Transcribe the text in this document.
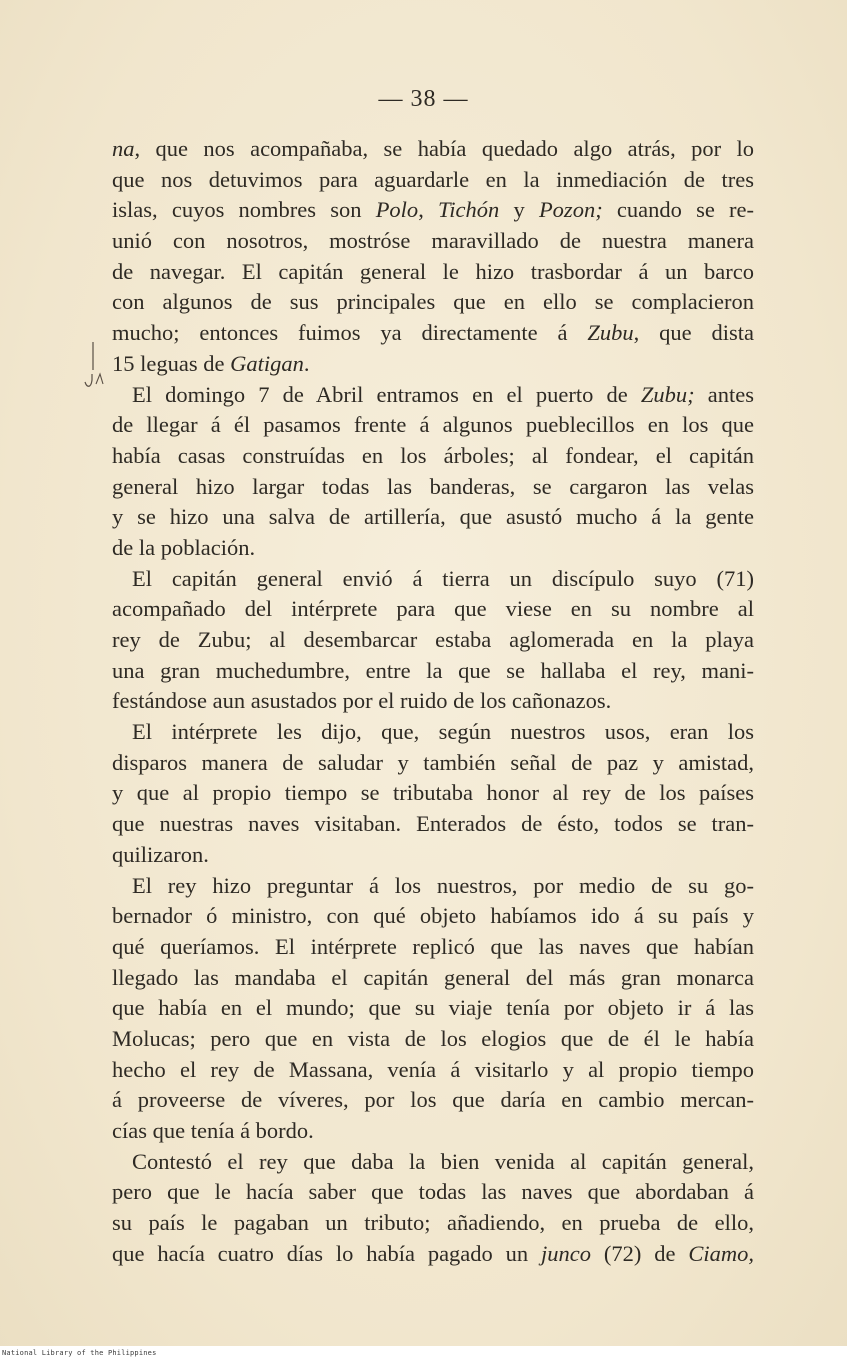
— 38 —
na, que nos acompañaba, se había quedado algo atrás, por lo
que nos detuvimos para aguardarle en la inmediación de tres
islas, cuyos nombres son Polo, Tichón y Pozon; cuando se re-
unió con nosotros, mostróse maravillado de nuestra manera
de navegar. El capitán general le hizo trasbordar á un barco
con algunos de sus principales que en ello se complacieron
mucho; entonces fuimos ya directamente á Zubu, que dista
15 leguas de Gatigan.
El domingo 7 de Abril entramos en el puerto de Zubu; antes
de llegar á él pasamos frente á algunos pueblecillos en los que
había casas construídas en los árboles; al fondear, el capitán
general hizo largar todas las banderas, se cargaron las velas
y se hizo una salva de artillería, que asustó mucho á la gente
de la población.
El capitán general envió á tierra un discípulo suyo (71)
acompañado del intérprete para que viese en su nombre al
rey de Zubu; al desembarcar estaba aglomerada en la playa
una gran muchedumbre, entre la que se hallaba el rey, mani-
festándose aun asustados por el ruido de los cañonazos.
El intérprete les dijo, que, según nuestros usos, eran los
disparos manera de saludar y también señal de paz y amistad,
y que al propio tiempo se tributaba honor al rey de los países
que nuestras naves visitaban. Enterados de ésto, todos se tran-
quilizaron.
El rey hizo preguntar á los nuestros, por medio de su go-
bernador ó ministro, con qué objeto habíamos ido á su país y
qué queríamos. El intérprete replicó que las naves que habían
llegado las mandaba el capitán general del más gran monarca
que había en el mundo; que su viaje tenía por objeto ir á las
Molucas; pero que en vista de los elogios que de él le había
hecho el rey de Massana, venía á visitarlo y al propio tiempo
á proveerse de víveres, por los que daría en cambio mercan-
cías que tenía á bordo.
Contestó el rey que daba la bien venida al capitán general,
pero que le hacía saber que todas las naves que abordaban á
su país le pagaban un tributo; añadiendo, en prueba de ello,
que hacía cuatro días lo había pagado un junco (72) de Ciamo,
National Library of the Philippines
